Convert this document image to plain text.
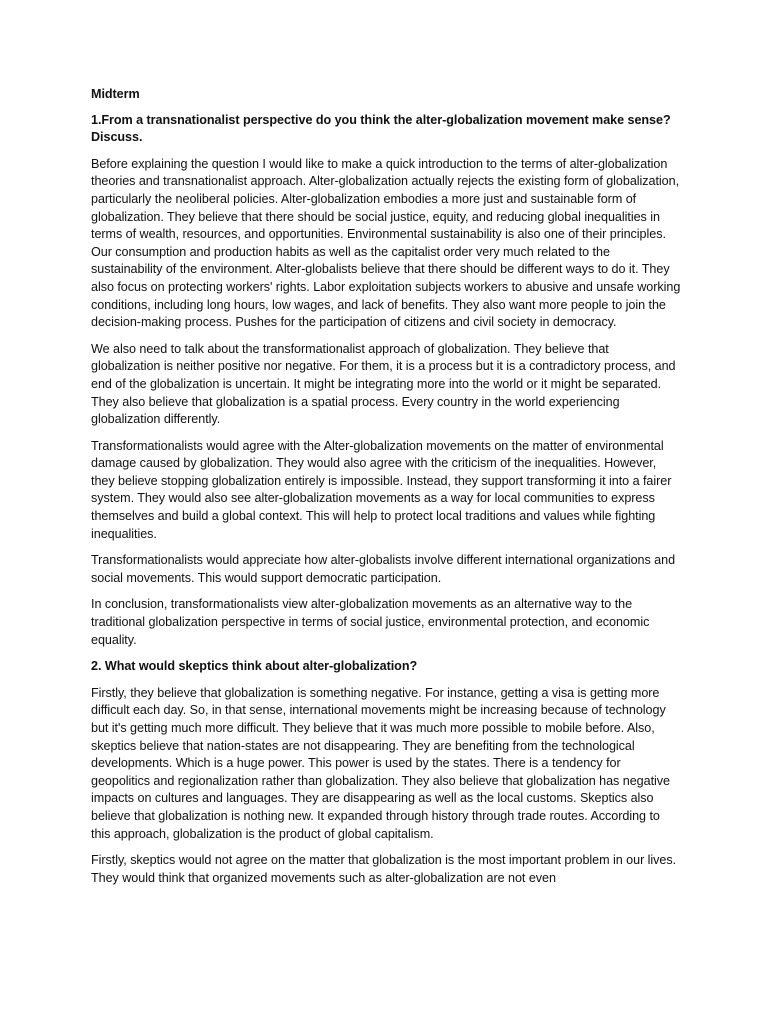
Midterm

1.From a transnationalist perspective do you think the alter-globalization movement make sense? Discuss.

Before explaining the question I would like to make a quick introduction to the terms of alter-globalization theories and transnationalist approach. Alter-globalization actually rejects the existing form of globalization, particularly the neoliberal policies. Alter-globalization embodies a more just and sustainable form of globalization. They believe that there should be social justice, equity, and reducing global inequalities in terms of wealth, resources, and opportunities. Environmental sustainability is also one of their principles. Our consumption and production habits as well as the capitalist order very much related to the sustainability of the environment. Alter-globalists believe that there should be different ways to do it. They also focus on protecting workers' rights. Labor exploitation subjects workers to abusive and unsafe working conditions, including long hours, low wages, and lack of benefits. They also want more people to join the decision-making process. Pushes for the participation of citizens and civil society in democracy.

We also need to talk about the transformationalist approach of globalization. They believe that globalization is neither positive nor negative. For them, it is a process but it is a contradictory process, and end of the globalization is uncertain. It might be integrating more into the world or it might be separated. They also believe that globalization is a spatial process. Every country in the world experiencing globalization differently.

Transformationalists would agree with the Alter-globalization movements on the matter of environmental damage caused by globalization. They would also agree with the criticism of the inequalities. However, they believe stopping globalization entirely is impossible. Instead, they support transforming it into a fairer system. They would also see alter-globalization movements as a way for local communities to express themselves and build a global context. This will help to protect local traditions and values while fighting inequalities.

Transformationalists would appreciate how alter-globalists involve different international organizations and social movements. This would support democratic participation.

In conclusion, transformationalists view alter-globalization movements as an alternative way to the traditional globalization perspective in terms of social justice, environmental protection, and economic equality.

2. What would skeptics think about alter-globalization?

Firstly, they believe that globalization is something negative. For instance, getting a visa is getting more difficult each day. So, in that sense, international movements might be increasing because of technology but it's getting much more difficult. They believe that it was much more possible to mobile before. Also, skeptics believe that nation-states are not disappearing. They are benefiting from the technological developments. Which is a huge power. This power is used by the states. There is a tendency for geopolitics and regionalization rather than globalization. They also believe that globalization has negative impacts on cultures and languages. They are disappearing as well as the local customs. Skeptics also believe that globalization is nothing new. It expanded through history through trade routes. According to this approach, globalization is the product of global capitalism.

Firstly, skeptics would not agree on the matter that globalization is the most important problem in our lives. They would think that organized movements such as alter-globalization are not even
